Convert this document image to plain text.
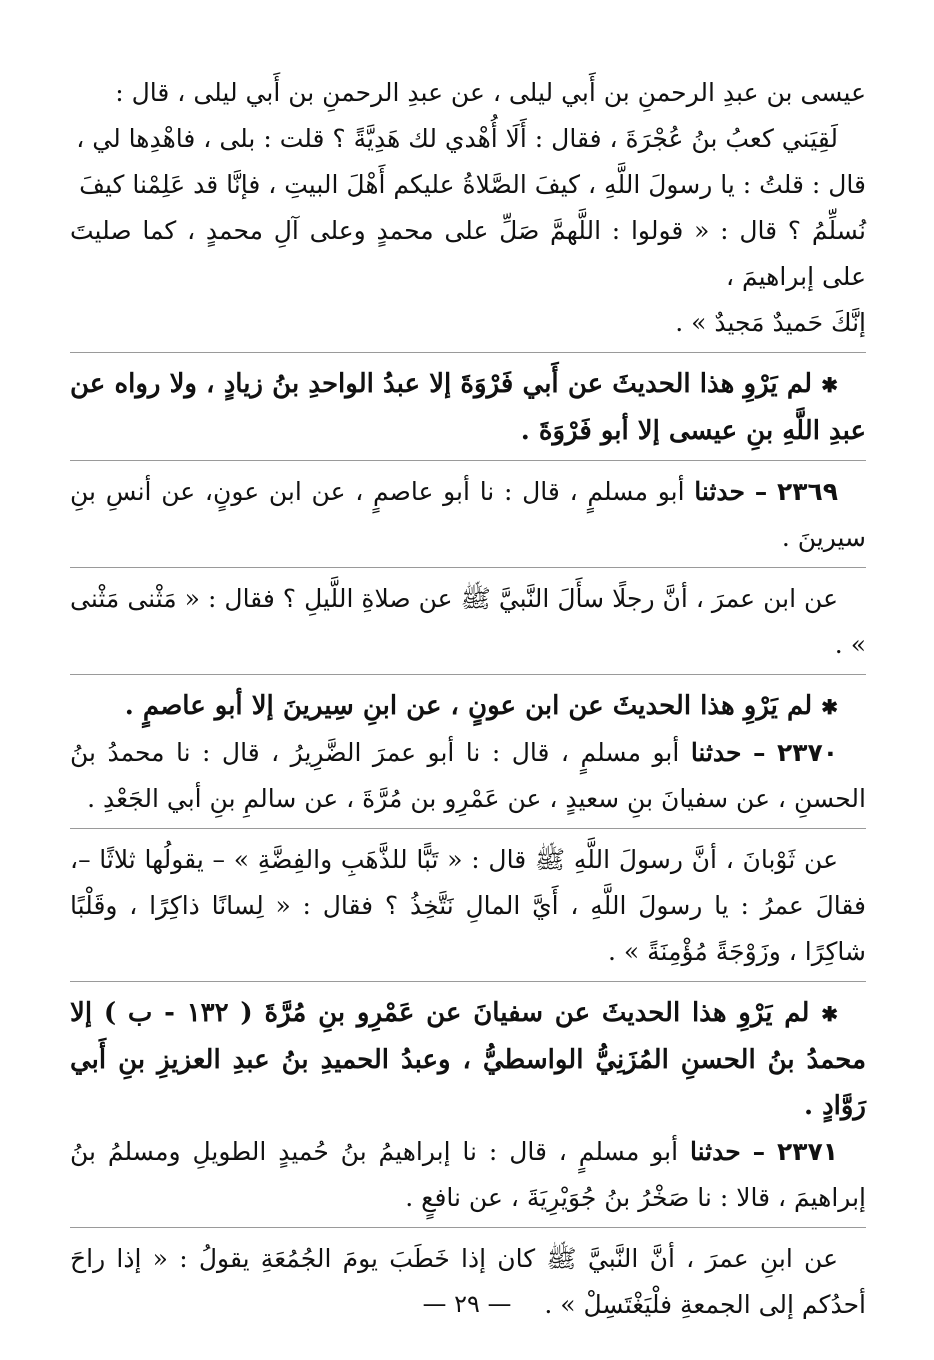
عيسى بن عبدِ الرحمنِ بن أَبي ليلى ، عن عبدِ الرحمنِ بن أَبي ليلى ، قال :

لَقِيَني كعبُ بنُ عُجْرَةَ ، فقال : أَلَا أُهْدي لك هَدِيَّةً ؟ قلت : بلى ، فاهْدِها لي ،

قال : قلتُ : يا رسولَ اللَّهِ ، كيفَ الصَّلاةُ عليكم أَهْلَ البيتِ ، فإنَّا قد عَلِمْنا كيفَ

نُسلِّمُ ؟ قال : « قولوا : اللَّهمَّ صَلِّ على محمدٍ وعلى آلِ محمدٍ ، كما صليتَ على إبراهيمَ ،

إنَّكَ حَميدٌ مَجيدٌ » .

✱ لم يَرْوِ هذا الحديثَ عن أَبي فَرْوَةَ إلا عبدُ الواحدِ بنُ زيادٍ ، ولا رواه عن عبدِ اللَّهِ بنِ عيسى إلا أبو فَرْوَةَ .

٢٣٦٩ – حدثنا أبو مسلمٍ ، قال : نا أبو عاصمٍ ، عن ابن عونٍ، عن أنسِ بنِ سيرينَ .

عن ابن عمرَ ، أنَّ رجلًا سأَلَ النَّبيَّ ﷺ عن صلاةِ اللَّيلِ ؟ فقال : « مَثْنى مَثْنى » .

✱ لم يَرْوِ هذا الحديثَ عن ابن عونٍ ، عن ابنِ سِيرينَ إلا أبو عاصمٍ .

٢٣٧٠ – حدثنا أبو مسلمٍ ، قال : نا أبو عمرَ الضَّرِيرُ ، قال : نا محمدُ بنُ الحسنِ ، عن سفيانَ بنِ سعيدٍ ، عن عَمْرِو بن مُرَّةَ ، عن سالمِ بنِ أبي الجَعْدِ .

عن ثَوْبانَ ، أنَّ رسولَ اللَّهِ ﷺ قال : « تَبًّا للذَّهَبِ والفِضَّةِ » – يقولُها ثلاثًا –، فقالَ عمرُ : يا رسولَ اللَّهِ ، أَيَّ المالِ نَتَّخِذُ ؟ فقال : « لِسانًا ذاكِرًا ، وقَلْبًا شاكِرًا ، وزَوْجَةً مُؤْمِنَةً » .

✱ لم يَرْوِ هذا الحديثَ عن سفيانَ عن عَمْرِو بنِ مُرَّةَ ( ١٣٢ - ب ) إلا محمدُ بنُ الحسنِ المُزَنِيُّ الواسطيُّ ، وعبدُ الحميدِ بنُ عبدِ العزيزِ بنِ أَبي رَوَّادٍ .

٢٣٧١ – حدثنا أبو مسلمٍ ، قال : نا إبراهيمُ بنُ حُميدٍ الطويلِ ومسلمُ بنُ إبراهيمَ ، قالا : نا صَخْرُ بنُ جُوَيْرِيَةَ ، عن نافعٍ .

عن ابنِ عمرَ ، أنَّ النَّبيَّ ﷺ كان إذا خَطَبَ يومَ الجُمُعَةِ يقولُ : « إذا راحَ أحدُكم إلى الجمعةِ فلْيَغْتَسِلْ » .

— ٢٩ —
